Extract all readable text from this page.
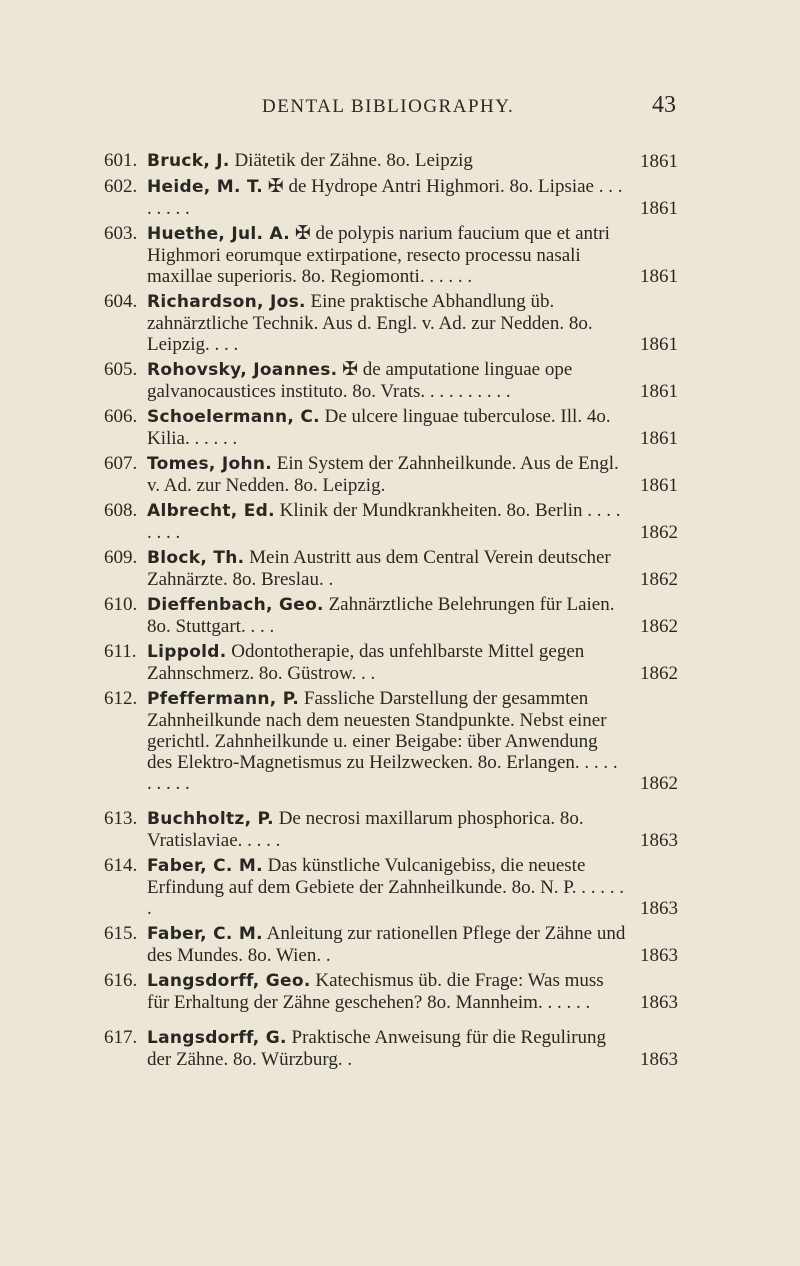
DENTAL BIBLIOGRAPHY.	43
601. Bruck, J. Diätetik der Zähne. 8o. Leipzig	1861
602. Heide, M. T. ✠ de Hydrope Antri Highmori. 8o. Lipsiae . . . . . . . .	1861
603. Huethe, Jul. A. ✠ de polypis narium faucium que et antri Highmori eorumque extirpatione, resecto processu nasali maxillae superioris. 8o. Regiomonti. . . . . .	1861
604. Richardson, Jos. Eine praktische Abhandlung üb. zahnärztliche Technik. Aus d. Engl. v. Ad. zur Nedden. 8o. Leipzig. . . .	1861
605. Rohovsky, Joannes. ✠ de amputatione linguae ope galvanocaustices instituto. 8o. Vrats. . . . . . . . . .	1861
606. Schoelermann, C. De ulcere linguae tuberculose. Ill. 4o. Kilia. . . . . .	1861
607. Tomes, John. Ein System der Zahnheilkunde. Aus de Engl. v. Ad. zur Nedden. 8o. Leipzig.	1861
608. Albrecht, Ed. Klinik der Mundkrankheiten. 8o. Berlin . . . . . . . .	1862
609. Block, Th. Mein Austritt aus dem Central Verein deutscher Zahnärzte. 8o. Breslau. .	1862
610. Dieffenbach, Geo. Zahnärztliche Belehrungen für Laien. 8o. Stuttgart. . . .	1862
611. Lippold. Odontotherapie, das unfehlbarste Mittel gegen Zahnschmerz. 8o. Güstrow. . .	1862
612. Pfeffermann, P. Fassliche Darstellung der gesammten Zahnheilkunde nach dem neuesten Standpunkte. Nebst einer gerichtl. Zahnheilkunde u. einer Beigabe: über Anwendung des Elektro-Magnetismus zu Heilzwecken. 8o. Erlangen. . . . . . . . . .	1862
613. Buchholtz, P. De necrosi maxillarum phosphorica. 8o. Vratislaviae. . . . .	1863
614. Faber, C. M. Das künstliche Vulcanigebiss, die neueste Erfindung auf dem Gebiete der Zahnheilkunde. 8o. N. P. . . . . . .	1863
615. Faber, C. M. Anleitung zur rationellen Pflege der Zähne und des Mundes. 8o. Wien. .	1863
616. Langsdorff, Geo. Katechismus üb. die Frage: Was muss für Erhaltung der Zähne geschehen? 8o. Mannheim. . . . . .	1863
617. Langsdorff, G. Praktische Anweisung für die Regulirung der Zähne. 8o. Würzburg. .	1863
